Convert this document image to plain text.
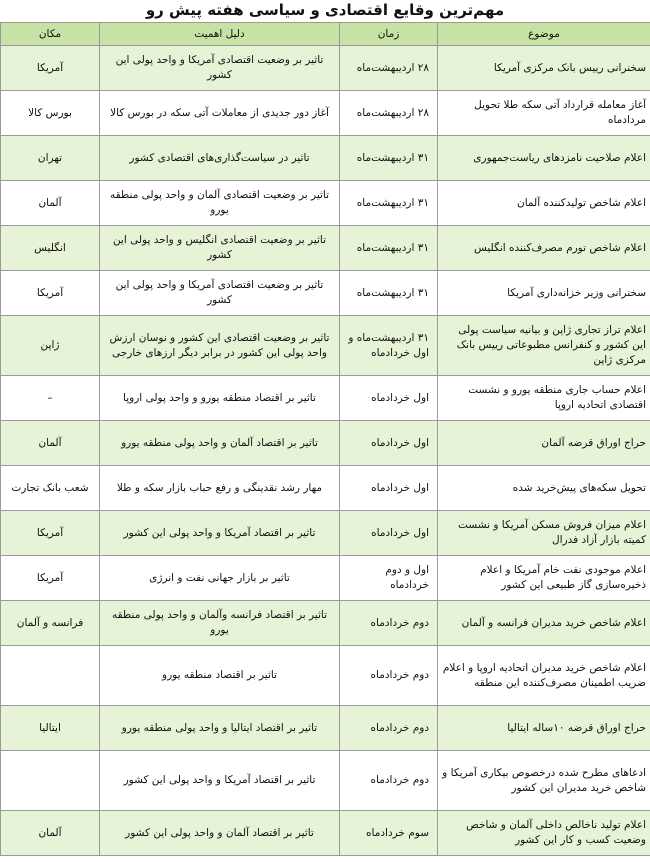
مهم‌ترین وقایع اقتصادی و سیاسی هفته پیش رو
موضوع	زمان	دلیل اهمیت	مکان
سخنرانی رییس بانک مرکزی آمریکا	۲۸ اردیبهشت‌ماه	تاثیر بر وضعیت اقتصادی آمریکا و واحد پولی این کشور	آمریکا
آغاز معامله قرارداد آتی سکه طلا تحویل مردادماه	۲۸ اردیبهشت‌ماه	آغاز دور جدیدی از معاملات آتی سکه در بورس کالا	بورس کالا
اعلام صلاحیت نامزدهای ریاست‌جمهوری	۳۱ اردیبهشت‌ماه	تاثیر در سیاست‌گذاری‌های اقتصادی کشور	تهران
اعلام شاخص تولیدکننده آلمان	۳۱ اردیبهشت‌ماه	تاثیر بر وضعیت اقتصادی آلمان و واحد پولی منطقه یورو	آلمان
اعلام شاخص تورم مصرف‌کننده انگلیس	۳۱ اردیبهشت‌ماه	تاثیر بر وضعیت اقتصادی انگلیس و واحد پولی این کشور	انگلیس
سخنرانی وزیر خزانه‌داری آمریکا	۳۱ اردیبهشت‌ماه	تاثیر بر وضعیت اقتصادی آمریکا و واحد پولی این کشور	آمریکا
اعلام تراز تجاری ژاپن و بیانیه سیاست پولی این کشور و کنفرانس مطبوعاتی رییس بانک مرکزی ژاپن	۳۱ اردیبهشت‌ماه و اول خردادماه	تاثیر بر وضعیت اقتصادی این کشور و نوسان ارزش واحد پولی این کشور در برابر دیگر ارزهای خارجی	ژاپن
اعلام حساب جاری منطقه یورو و نشست اقتصادی اتحادیه اروپا	اول خردادماه	تاثیر بر اقتصاد منطقه یورو و واحد پولی اروپا	–
حراج اوراق قرضه آلمان	اول خردادماه	تاثیر بر اقتصاد آلمان و واحد پولی منطقه یورو	آلمان
تحویل سکه‌های پیش‌خرید شده	اول خردادماه	مهار رشد نقدینگی و رفع حباب بازار سکه و طلا	شعب بانک تجارت
اعلام میزان فروش مسکن آمریکا و نشست کمیته بازار آزاد فدرال	اول خردادماه	تاثیر بر اقتصاد آمریکا و واحد پولی این کشور	آمریکا
اعلام موجودی نفت خام آمریکا و اعلام ذخیره‌سازی گاز طبیعی این کشور	اول و دوم خردادماه	تاثیر بر بازار جهانی نفت و انرژی	آمریکا
اعلام شاخص خرید مدیران فرانسه و آلمان	دوم خردادماه	تاثیر بر اقتصاد فرانسه وآلمان و واحد پولی منطقه یورو	فرانسه و آلمان
اعلام شاخص خرید مدیران اتحادیه اروپا و اعلام ضریب اطمینان مصرف‌کننده این منطقه	دوم خردادماه	تاثیر بر اقتصاد منطقه یورو	
حراج اوراق قرضه ۱۰ساله ایتالیا	دوم خردادماه	تاثیر بر اقتصاد ایتالیا و واحد پولی منطقه یورو	ایتالیا
ادعاهای مطرح شده درخصوص بیکاری آمریکا و شاخص خرید مدیران این کشور	دوم خردادماه	تاثیر بر اقتصاد آمریکا و واحد پولی این کشور	
اعلام تولید ناخالص داخلی آلمان و شاخص وضعیت کسب و کار این کشور	سوم خردادماه	تاثیر بر اقتصاد آلمان و واحد پولی این کشور	آلمان
